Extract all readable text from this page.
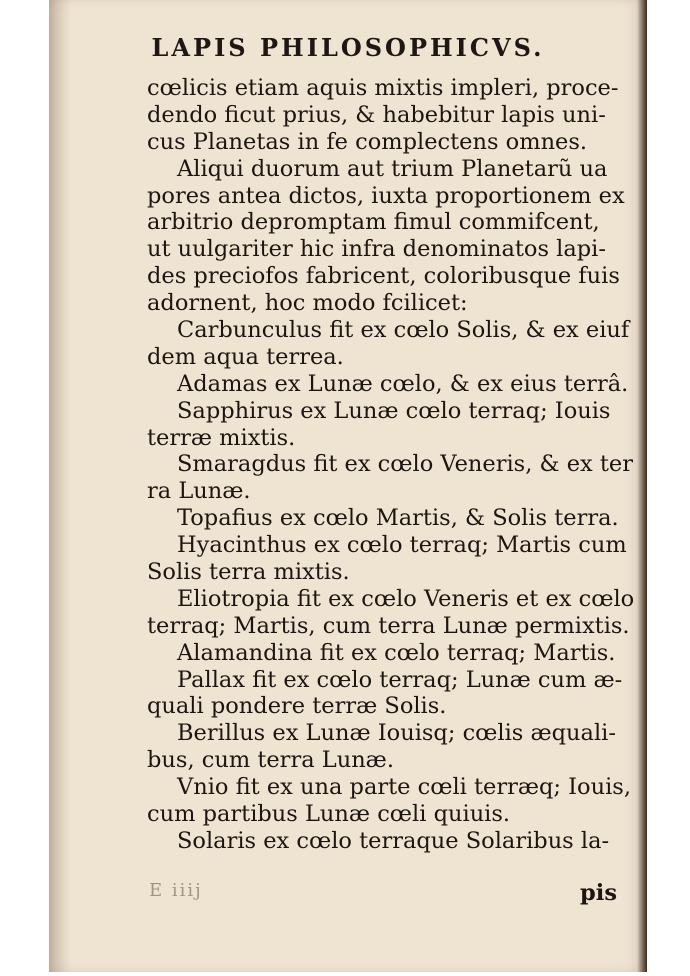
LAPIS PHILOSOPHICVS.
cœlicis etiam aquis mixtis impleri, proce-
dendo ficut prius, & habebitur lapis uni-
cus Planetas in fe complectens omnes.
Aliqui duorum aut trium Planetarũ ua
pores antea dictos, iuxta proportionem ex
arbitrio depromptam fimul commifcent,
ut uulgariter hic infra denominatos lapi-
des preciofos fabricent, coloribusque fuis
adornent, hoc modo fcilicet:
Carbunculus fit ex cœlo Solis, & ex eiuf
dem aqua terrea.
Adamas ex Lunæ cœlo, & ex eius terrâ.
Sapphirus ex Lunæ cœlo terraq; Iouis
terræ mixtis.
Smaragdus fit ex cœlo Veneris, & ex ter
ra Lunæ.
Topafius ex cœlo Martis, & Solis terra.
Hyacinthus ex cœlo terraq; Martis cum
Solis terra mixtis.
Eliotropia fit ex cœlo Veneris et ex cœlo
terraq; Martis, cum terra Lunæ permixtis.
Alamandina fit ex cœlo terraq; Martis.
Pallax fit ex cœlo terraq; Lunæ cum æ-
quali pondere terræ Solis.
Berillus ex Lunæ Iouisq; cœlis æquali-
bus, cum terra Lunæ.
Vnio fit ex una parte cœli terræq; Iouis,
cum partibus Lunæ cœli quiuis.
Solaris ex cœlo terraque Solaribus la-
E iiij	pis
